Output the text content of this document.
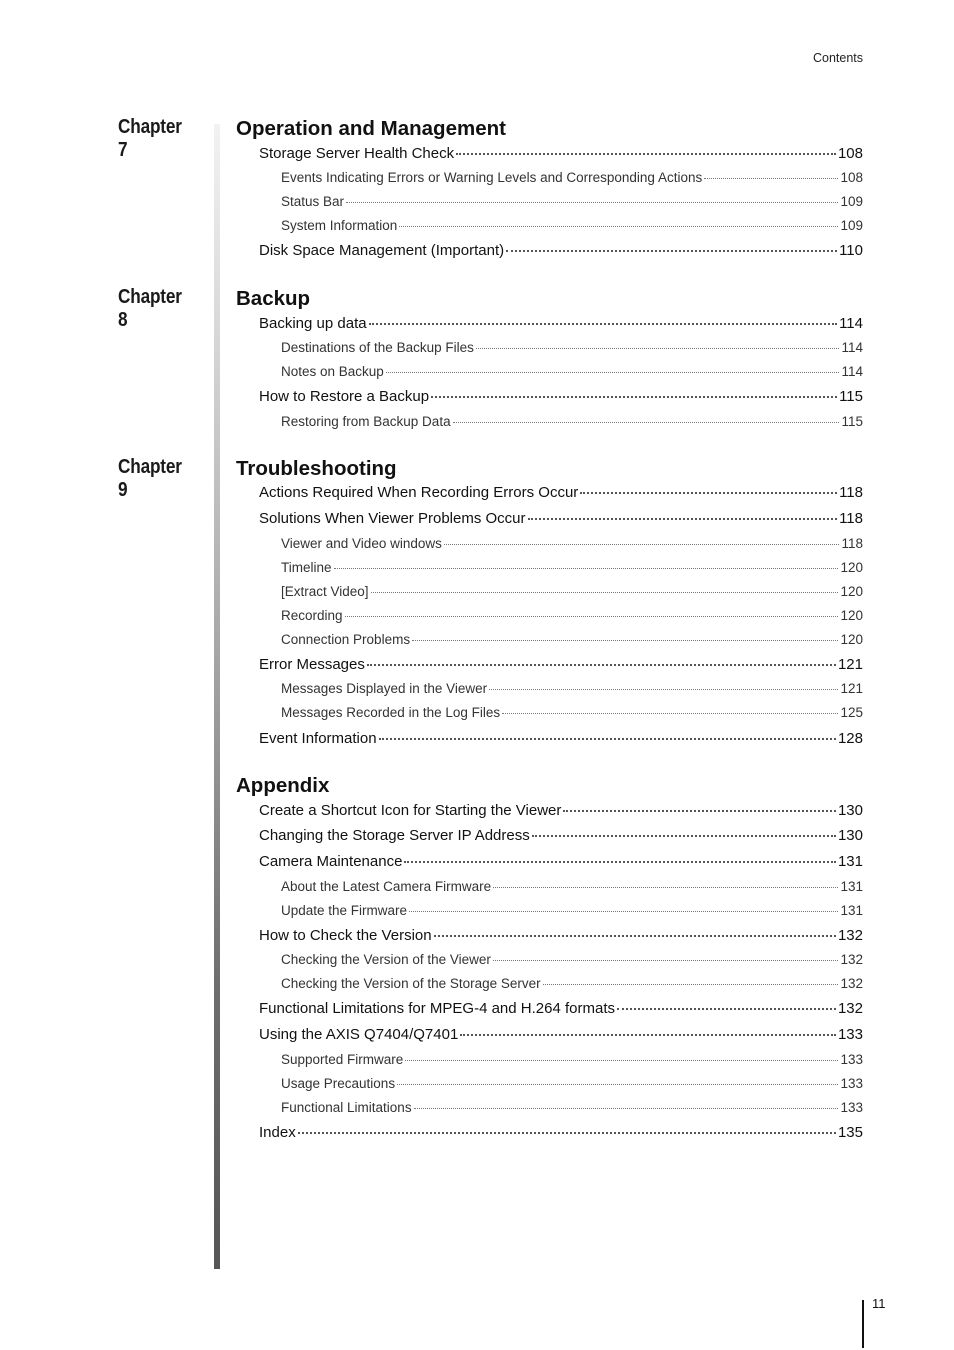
Contents
Chapter 7
Operation and Management
Storage Server Health Check	108
Events Indicating Errors or Warning Levels and Corresponding Actions	108
Status Bar	109
System Information	109
Disk Space Management (Important)	110
Chapter 8
Backup
Backing up data	114
Destinations of the Backup Files	114
Notes on Backup	114
How to Restore a Backup	115
Restoring from Backup Data	115
Chapter 9
Troubleshooting
Actions Required When Recording Errors Occur	118
Solutions When Viewer Problems Occur	118
Viewer and Video windows	118
Timeline	120
[Extract Video]	120
Recording	120
Connection Problems	120
Error Messages	121
Messages Displayed in the Viewer	121
Messages Recorded in the Log Files	125
Event Information	128
Appendix
Create a Shortcut Icon for Starting the Viewer	130
Changing the Storage Server IP Address	130
Camera Maintenance	131
About the Latest Camera Firmware	131
Update the Firmware	131
How to Check the Version	132
Checking the Version of the Viewer	132
Checking the Version of the Storage Server	132
Functional Limitations for MPEG-4 and H.264 formats	132
Using the AXIS Q7404/Q7401	133
Supported Firmware	133
Usage Precautions	133
Functional Limitations	133
Index	135
11
